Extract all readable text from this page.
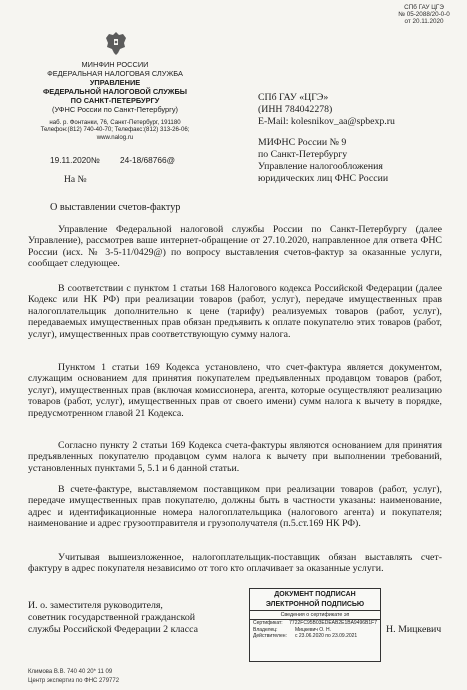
СПб ГАУ ЦГЭ
№ 05-2088/20-0-0
от 20.11.2020
МИНФИН РОССИИ
ФЕДЕРАЛЬНАЯ НАЛОГОВАЯ СЛУЖБА
УПРАВЛЕНИЕ
ФЕДЕРАЛЬНОЙ НАЛОГОВОЙ СЛУЖБЫ
ПО САНКТ-ПЕТЕРБУРГУ
(УФНС России по Санкт-Петербургу)
наб. р. Фонтанки, 76, Санкт-Петербург, 191180
Телефон:(812) 740-40-70; Телефакс:(812) 313-26-06;
www.nalog.ru
19.11.2020№ 24-18/68766@
На №
СПб ГАУ «ЦГЭ»
(ИНН 784042278)
E-Mail: kolesnikov_aa@spbexp.ru
МИФНС России № 9
по Санкт-Петербургу
Управление налогообложения
юридических лиц ФНС России
О выставлении счетов-фактур

Управление Федеральной налоговой службы России по Санкт-Петербургу (далее Управление), рассмотрев ваше интернет-обращение от 27.10.2020, направленное для ответа ФНС России (исх. № 3-5-11/0429@) по вопросу выставления счетов-фактур за оказанные услуги, сообщает следующее.

В соответствии с пунктом 1 статьи 168 Налогового кодекса Российской Федерации (далее Кодекс или НК РФ) при реализации товаров (работ, услуг), передаче имущественных прав налогоплательщик дополнительно к цене (тарифу) реализуемых товаров (работ, услуг), передаваемых имущественных прав обязан предъявить к оплате покупателю этих товаров (работ, услуг), имущественных прав соответствующую сумму налога.

Пунктом 1 статьи 169 Кодекса установлено, что счет-фактура является документом, служащим основанием для принятия покупателем предъявленных продавцом товаров (работ, услуг), имущественных прав (включая комиссионера, агента, которые осуществляют реализацию товаров (работ, услуг), имущественных прав от своего имени) сумм налога к вычету в порядке, предусмотренном главой 21 Кодекса.

Согласно пункту 2 статьи 169 Кодекса счета-фактуры являются основанием для принятия предъявленных покупателю продавцом сумм налога к вычету при выполнении требований, установленных пунктами 5, 5.1 и 6 данной статьи.

В счете-фактуре, выставляемом поставщиком при реализации товаров (работ, услуг), передаче имущественных прав покупателю, должны быть в частности указаны: наименование, адрес и идентификационные номера налогоплательщика (налогового агента) и покупателя; наименование и адрес грузоотправителя и грузополучателя (п.5.ст.169 НК РФ).

Учитывая вышеизложенное, налогоплательщик-поставщик обязан выставлять счет-фактуру в адрес покупателя независимо от того кто оплачивает за оказанные услуги.

И. о. заместителя руководителя,
советник государственной гражданской
службы Российской Федерации 2 класса	Н. Мицкевич
ДОКУМЕНТ ПОДПИСАН
ЭЛЕКТРОННОЙ ПОДПИСЬЮ
Сведения о сертификате эп
Сертификат:	7722FC95B03EDEAB2E1BA9496B1F7
Владелец:	Мицкевич О. Н.
Действителен:	с 23.06.2020 по 23.09.2021
Климова В.В. 740 40 20* 11 09
Центр экспертиз по ФНС 279772
